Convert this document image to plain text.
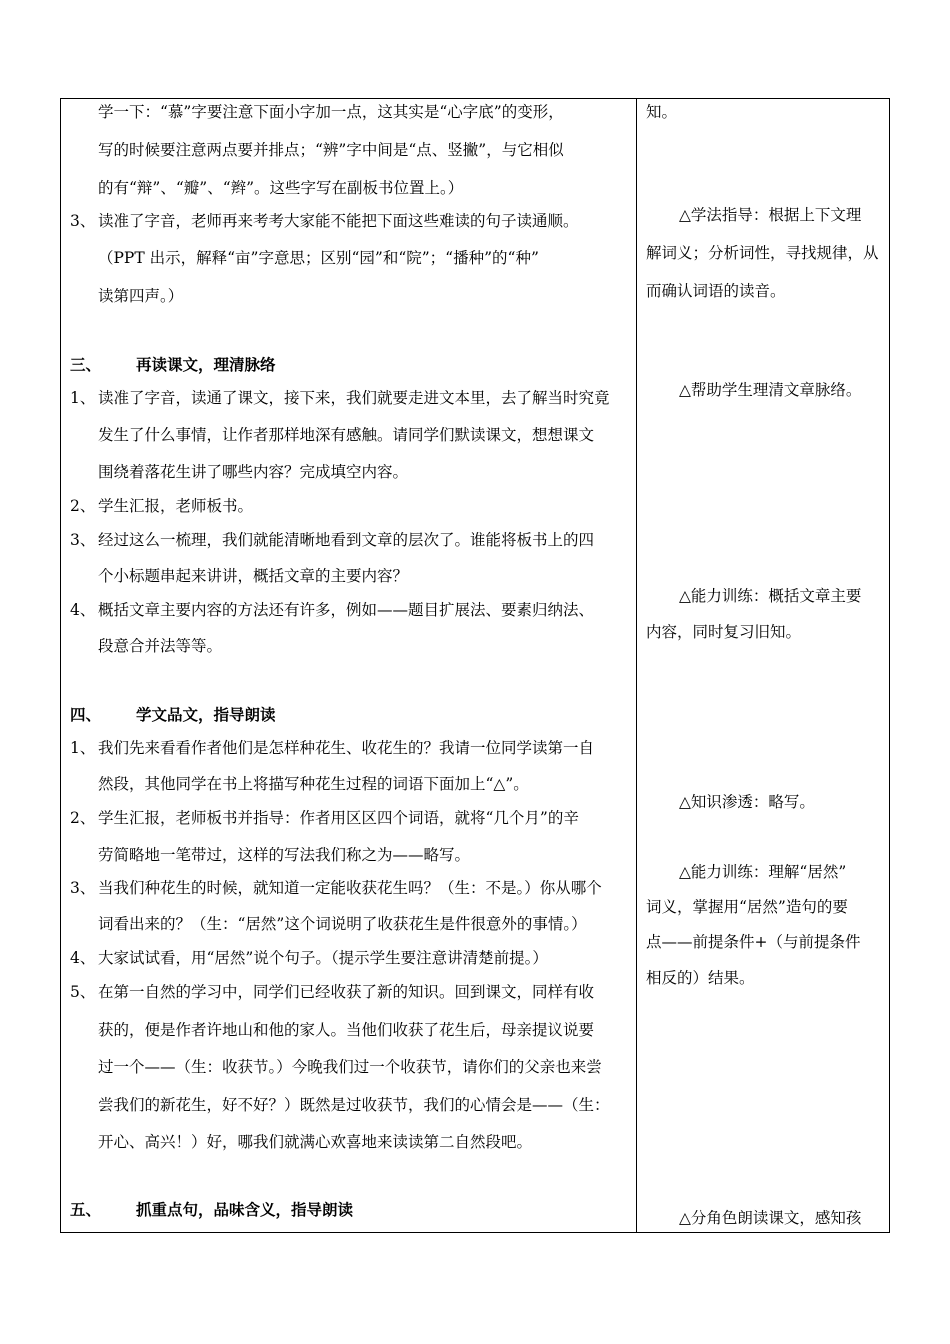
学一下：“慕”字要注意下面小字加一点，这其实是“心字底”的变形，
写的时候要注意两点要并排点；“辨”字中间是“点、竖撇”，与它相似
的有“辩”、“瓣”、“辫”。这些字写在副板书位置上。）
3、 读准了字音，老师再来考考大家能不能把下面这些难读的句子读通顺。
（PPT 出示，解释“亩”字意思；区别“园”和“院”；“播种”的“种”
读第四声。）
三、 再读课文，理清脉络
1、 读准了字音，读通了课文，接下来，我们就要走进文本里，去了解当时究竟
发生了什么事情，让作者那样地深有感触。请同学们默读课文，想想课文
围绕着落花生讲了哪些内容？完成填空内容。
2、 学生汇报，老师板书。
3、 经过这么一梳理，我们就能清晰地看到文章的层次了。谁能将板书上的四
个小标题串起来讲讲，概括文章的主要内容？
4、 概括文章主要内容的方法还有许多，例如——题目扩展法、要素归纳法、
段意合并法等等。
四、 学文品文，指导朗读
1、 我们先来看看作者他们是怎样种花生、收花生的？我请一位同学读第一自
然段，其他同学在书上将描写种花生过程的词语下面加上“△”。
2、 学生汇报，老师板书并指导：作者用区区四个词语，就将“几个月”的辛
劳简略地一笔带过，这样的写法我们称之为——略写。
3、 当我们种花生的时候，就知道一定能收获花生吗？（生：不是。）你从哪个
词看出来的？（生：“居然”这个词说明了收获花生是件很意外的事情。）
4、 大家试试看，用“居然”说个句子。（提示学生要注意讲清楚前提。）
5、 在第一自然的学习中，同学们已经收获了新的知识。回到课文，同样有收
获的，便是作者许地山和他的家人。当他们收获了花生后，母亲提议说要
过一个——（生：收获节。）今晚我们过一个收获节，请你们的父亲也来尝
尝我们的新花生，好不好？）既然是过收获节，我们的心情会是——（生：
开心、高兴！）好，哪我们就满心欢喜地来读读第二自然段吧。
五、 抓重点句，品味含义，指导朗读
知。
△学法指导：根据上下文理
解词义；分析词性，寻找规律，从
而确认词语的读音。
△帮助学生理清文章脉络。
△能力训练：概括文章主要
内容，同时复习旧知。
△知识渗透：略写。
△能力训练：理解“居然”
词义，掌握用“居然”造句的要
点——前提条件+（与前提条件
相反的）结果。
△分角色朗读课文，感知孩
